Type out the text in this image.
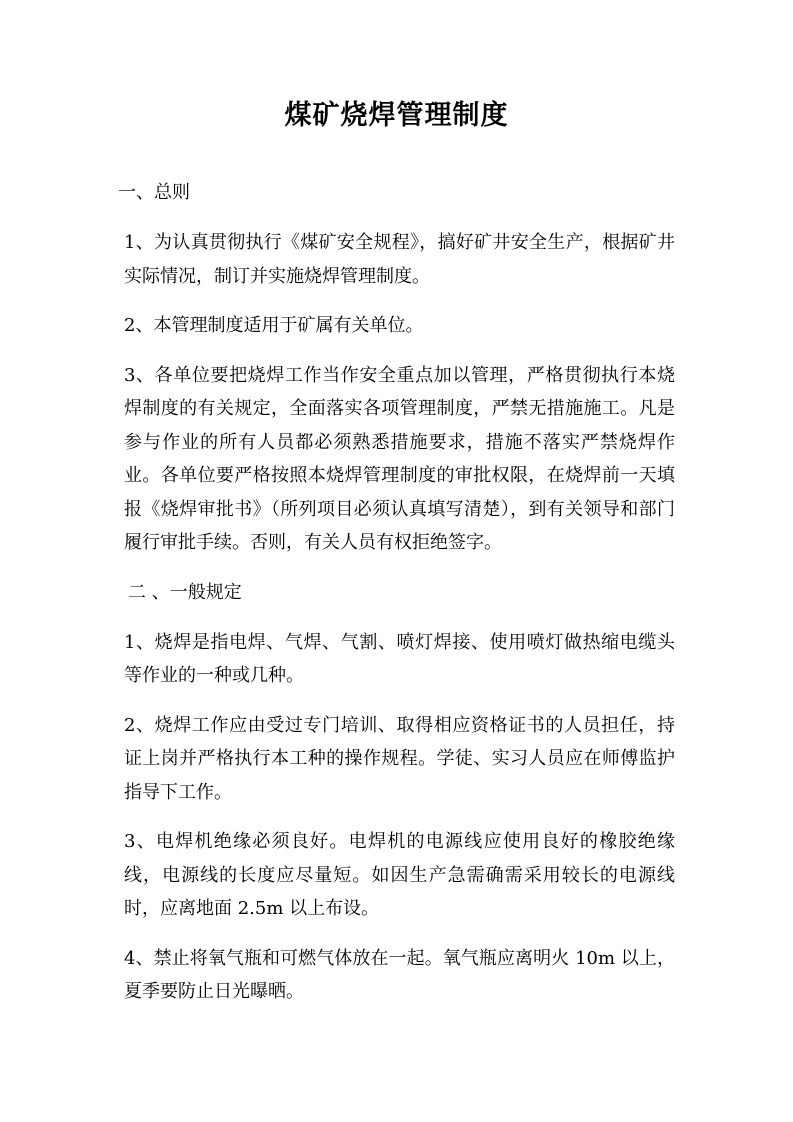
煤矿烧焊管理制度
一、总则

1、为认真贯彻执行《煤矿安全规程》，搞好矿井安全生产，根据矿井实际情况，制订并实施烧焊管理制度。

2、本管理制度适用于矿属有关单位。

3、各单位要把烧焊工作当作安全重点加以管理，严格贯彻执行本烧焊制度的有关规定，全面落实各项管理制度，严禁无措施施工。凡是参与作业的所有人员都必须熟悉措施要求，措施不落实严禁烧焊作业。各单位要严格按照本烧焊管理制度的审批权限，在烧焊前一天填报《烧焊审批书》（所列项目必须认真填写清楚），到有关领导和部门履行审批手续。否则，有关人员有权拒绝签字。

二 、一般规定

1、烧焊是指电焊、气焊、气割、喷灯焊接、使用喷灯做热缩电缆头等作业的一种或几种。

2、烧焊工作应由受过专门培训、取得相应资格证书的人员担任，持证上岗并严格执行本工种的操作规程。学徒、实习人员应在师傅监护指导下工作。

3、电焊机绝缘必须良好。电焊机的电源线应使用良好的橡胶绝缘线，电源线的长度应尽量短。如因生产急需确需采用较长的电源线时，应离地面 2.5m 以上布设。

4、禁止将氧气瓶和可燃气体放在一起。氧气瓶应离明火 10m 以上，夏季要防止日光曝晒。
